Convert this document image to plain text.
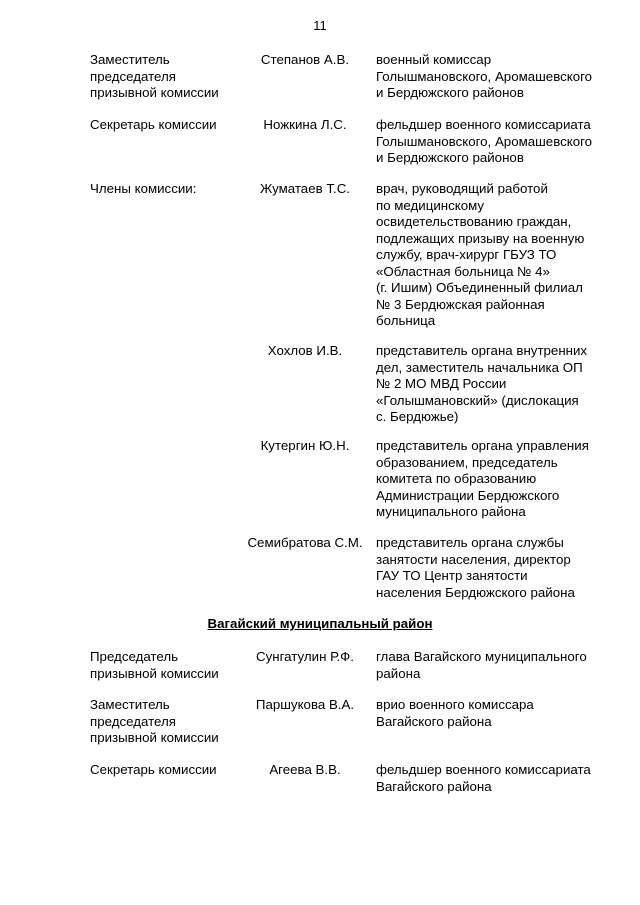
11
Заместитель
председателя
призывной комиссии
Степанов А.В.	военный комиссар
Голышмановского, Аромашевского
и Бердюжского районов
Секретарь комиссии	Ножкина Л.С.	фельдшер военного комиссариата
Голышмановского, Аромашевского
и Бердюжского районов
Члены комиссии:	Жуматаев Т.С.	врач, руководящий работой
по медицинскому
освидетельствованию граждан,
подлежащих призыву на военную
службу, врач-хирург ГБУЗ ТО
«Областная больница № 4»
(г. Ишим) Объединенный филиал
№ 3 Бердюжская районная
больница
Хохлов И.В.	представитель органа внутренних
дел, заместитель начальника ОП
№ 2 МО МВД России
«Голышмановский» (дислокация
с. Бердюжье)
Кутергин Ю.Н.	представитель органа управления
образованием, председатель
комитета по образованию
Администрации Бердюжского
муниципального района
Семибратова С.М.	представитель органа службы
занятости населения, директор
ГАУ ТО Центр занятости
населения Бердюжского района
Вагайский муниципальный район
Председатель
призывной комиссии
Сунгатулин Р.Ф.	глава Вагайского муниципального
района
Заместитель
председателя
призывной комиссии
Паршукова В.А.	врио военного комиссара
Вагайского района
Секретарь комиссии	Агеева В.В.	фельдшер военного комиссариата
Вагайского района
